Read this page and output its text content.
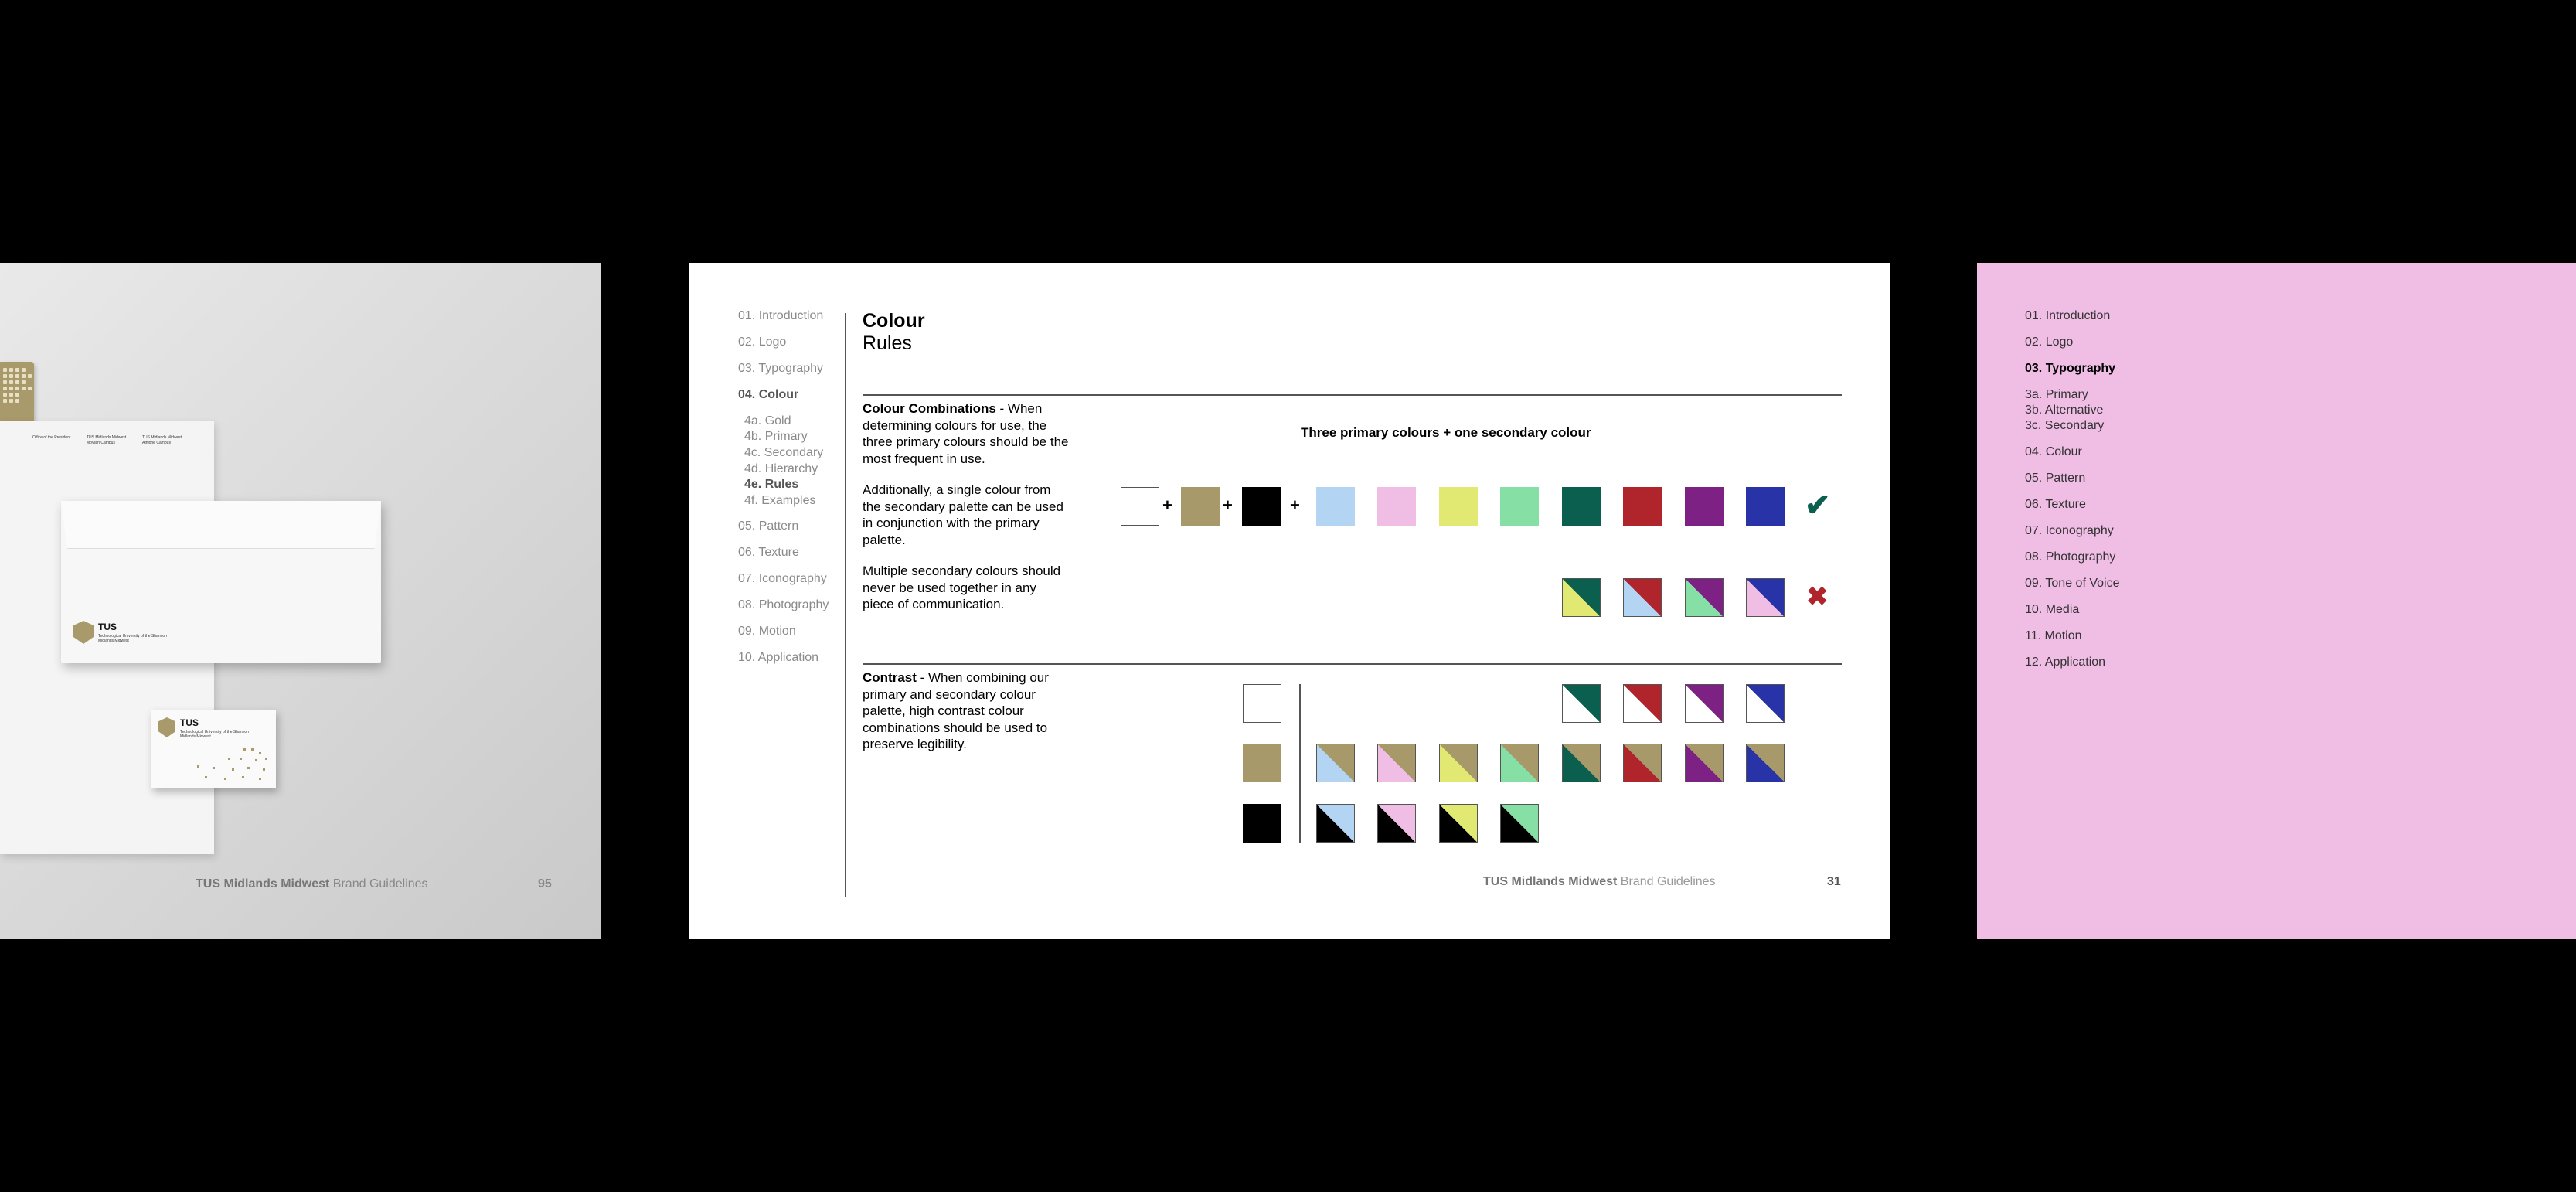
Office of the President	TUS Midlands Midwest
Moylish Campus
TUS Midlands Midwest
Athlone Campus
TUS
Technological University of the Shannon
Midlands Midwest
TUS
Technological University of the Shannon
Midlands Midwest
TUS Midlands Midwest Brand Guidelines	95
01. Introduction
02. Logo
03. Typography
04. Colour
4a. Gold
4b. Primary
4c. Secondary
4d. Hierarchy
4e. Rules
4f. Examples
05. Pattern
06. Texture
07. Iconography
08. Photography
09. Motion
10. Application
Colour
Rules
Colour Combinations - When determining colours for use, the three primary colours should be the most frequent in use.
Additionally, a single colour from the secondary palette can be used in conjunction with the primary palette.
Multiple secondary colours should never be used together in any piece of communication.
Three primary colours + one secondary colour
+	+	+	✔
✖
Contrast - When combining our primary and secondary colour palette, high contrast colour combinations should be used to preserve legibility.
TUS Midlands Midwest Brand Guidelines	31
01. Introduction
02. Logo
03. Typography
3a. Primary
3b. Alternative
3c. Secondary
04. Colour
05. Pattern
06. Texture
07. Iconography
08. Photography
09. Tone of Voice
10. Media
11. Motion
12. Application
